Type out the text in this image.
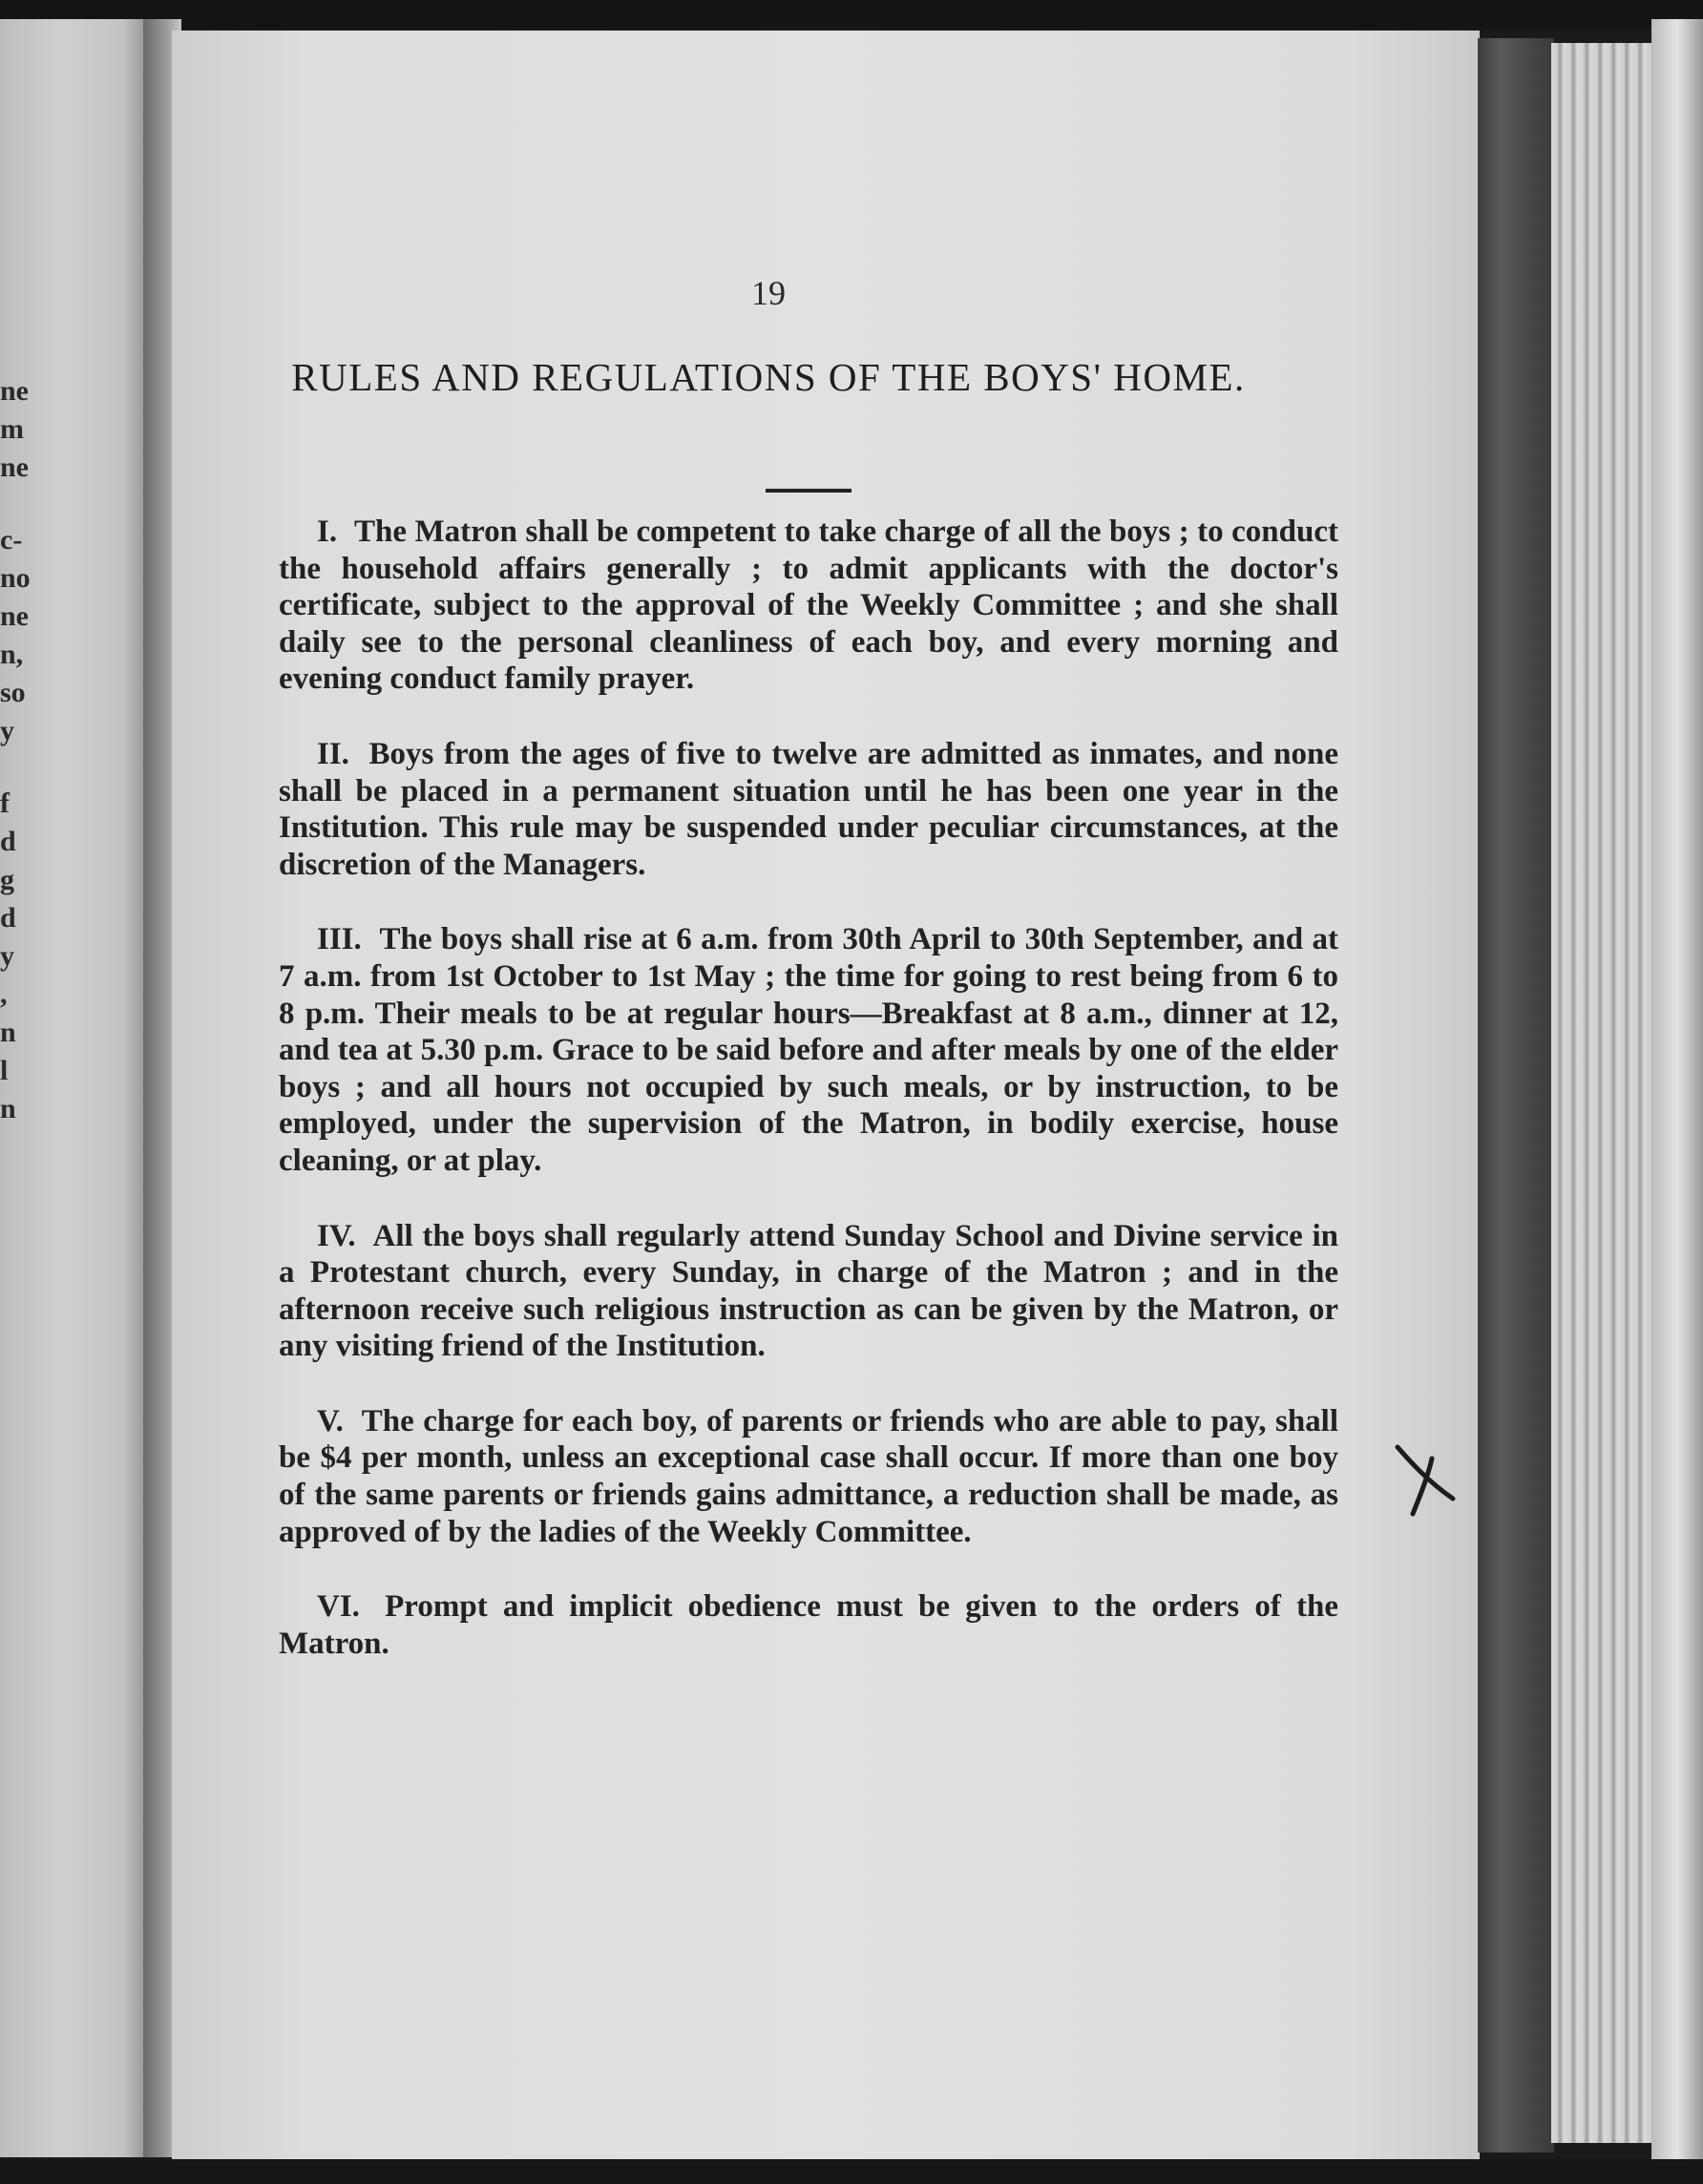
ne
m
ne
c-
no
ne
n,
so
y
f
d
g
d
y
,
n
l
n
19
RULES AND REGULATIONS OF THE BOYS' HOME.

I. The Matron shall be competent to take charge of all the boys ; to conduct the household affairs generally ; to admit applicants with the doctor's certificate, subject to the approval of the Weekly Committee ; and she shall daily see to the personal cleanliness of each boy, and every morning and evening conduct family prayer.

II. Boys from the ages of five to twelve are admitted as inmates, and none shall be placed in a permanent situation until he has been one year in the Institution. This rule may be suspended under peculiar circumstances, at the discretion of the Managers.

III. The boys shall rise at 6 a.m. from 30th April to 30th September, and at 7 a.m. from 1st October to 1st May ; the time for going to rest being from 6 to 8 p.m. Their meals to be at regular hours—Breakfast at 8 a.m., dinner at 12, and tea at 5.30 p.m. Grace to be said before and after meals by one of the elder boys ; and all hours not occupied by such meals, or by instruction, to be employed, under the supervision of the Matron, in bodily exercise, house cleaning, or at play.

IV. All the boys shall regularly attend Sunday School and Divine service in a Protestant church, every Sunday, in charge of the Matron ; and in the afternoon receive such religious instruction as can be given by the Matron, or any visiting friend of the Institution.

V. The charge for each boy, of parents or friends who are able to pay, shall be $4 per month, unless an exceptional case shall occur. If more than one boy of the same parents or friends gains admittance, a reduction shall be made, as approved of by the ladies of the Weekly Committee.

VI. Prompt and implicit obedience must be given to the orders of the Matron.
